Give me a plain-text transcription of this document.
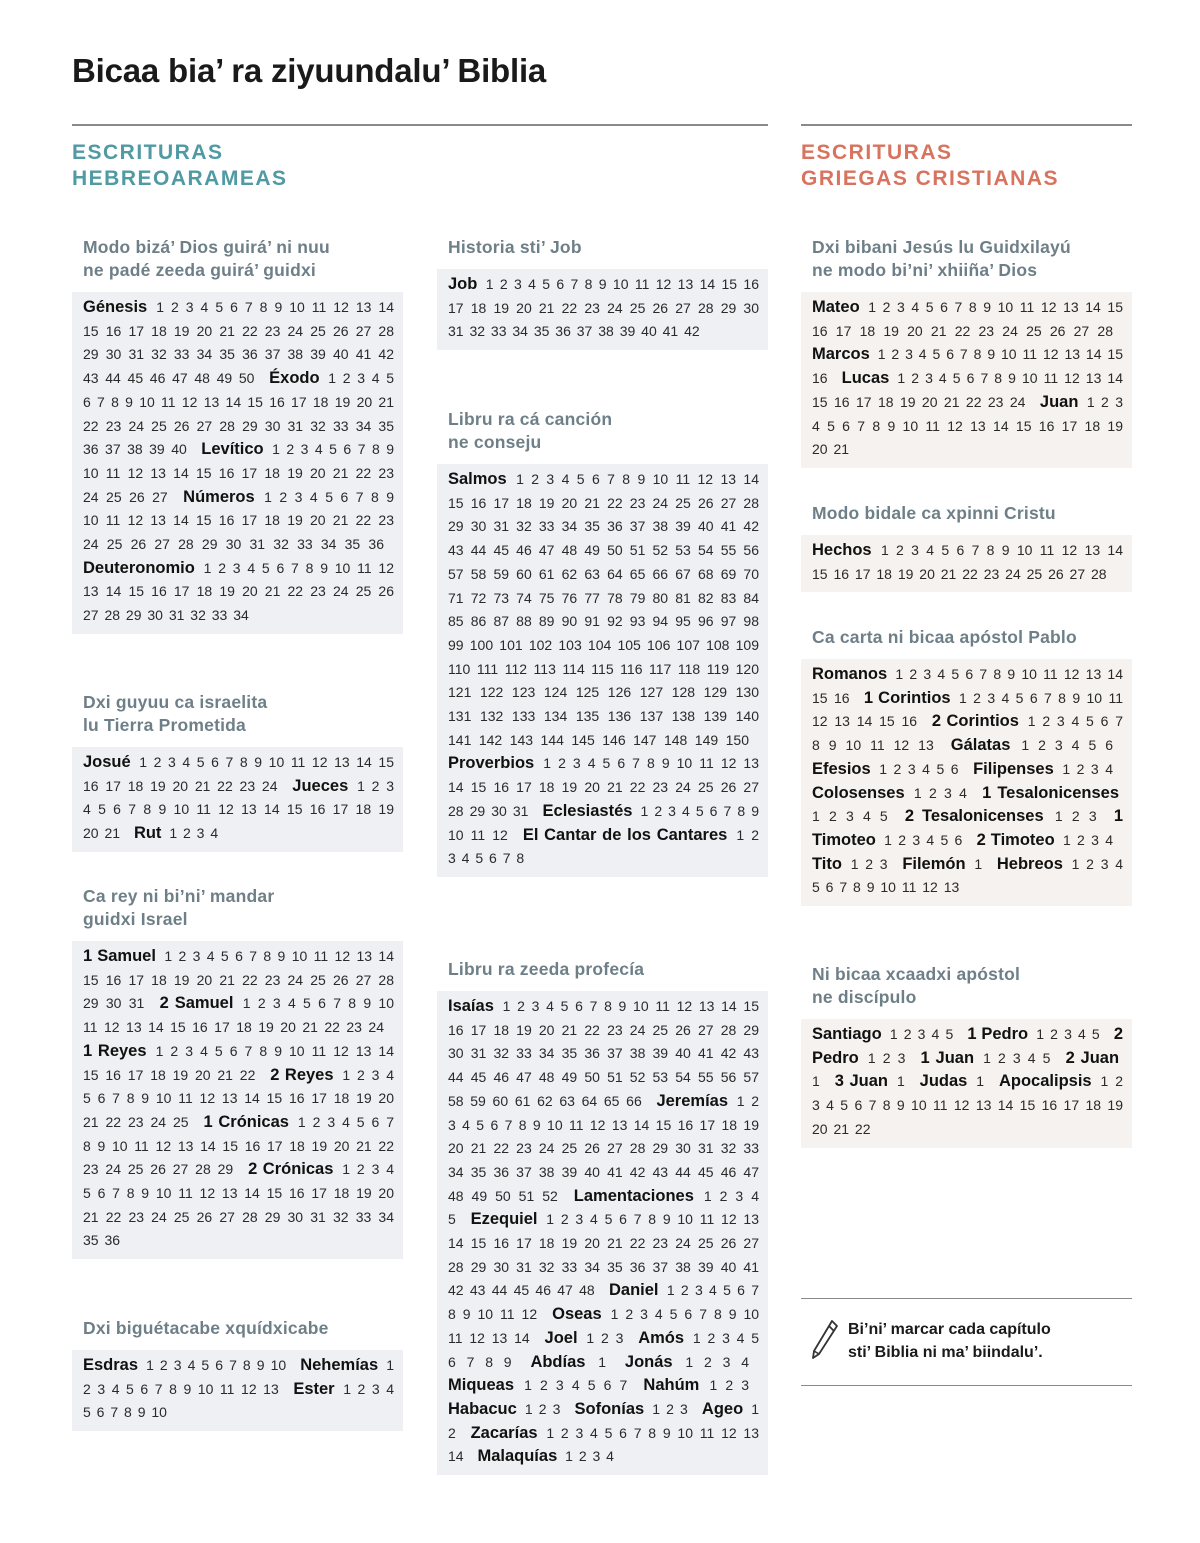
Bicaa bia’ ra ziyuundalu’ Biblia
ESCRITURAS
HEBREOARAMEAS
ESCRITURAS
GRIEGAS CRISTIANAS
Modo bizá’ Dios guirá’ ni nuu
ne padé zeeda guirá’ guidxi
Génesis 1 2 3 4 5 6 7 8 9 10 11 12 13 14 15 16 17 18 19 20 21 22 23 24 25 26 27 28 29 30 31 32 33 34 35 36 37 38 39 40 41 42 43 44 45 46 47 48 49 50 Éxodo 1 2 3 4 5 6 7 8 9 10 11 12 13 14 15 16 17 18 19 20 21 22 23 24 25 26 27 28 29 30 31 32 33 34 35 36 37 38 39 40 Levítico 1 2 3 4 5 6 7 8 9 10 11 12 13 14 15 16 17 18 19 20 21 22 23 24 25 26 27 Números 1 2 3 4 5 6 7 8 9 10 11 12 13 14 15 16 17 18 19 20 21 22 23 24 25 26 27 28 29 30 31 32 33 34 35 36 Deuteronomio 1 2 3 4 5 6 7 8 9 10 11 12 13 14 15 16 17 18 19 20 21 22 23 24 25 26 27 28 29 30 31 32 33 34
Dxi guyuu ca israelita
lu Tierra Prometida
Josué 1 2 3 4 5 6 7 8 9 10 11 12 13 14 15 16 17 18 19 20 21 22 23 24 Jueces 1 2 3 4 5 6 7 8 9 10 11 12 13 14 15 16 17 18 19 20 21 Rut 1 2 3 4
Ca rey ni bi’ni’ mandar
guidxi Israel
1 Samuel 1 2 3 4 5 6 7 8 9 10 11 12 13 14 15 16 17 18 19 20 21 22 23 24 25 26 27 28 29 30 31 2 Samuel 1 2 3 4 5 6 7 8 9 10 11 12 13 14 15 16 17 18 19 20 21 22 23 24 1 Reyes 1 2 3 4 5 6 7 8 9 10 11 12 13 14 15 16 17 18 19 20 21 22 2 Reyes 1 2 3 4 5 6 7 8 9 10 11 12 13 14 15 16 17 18 19 20 21 22 23 24 25 1 Crónicas 1 2 3 4 5 6 7 8 9 10 11 12 13 14 15 16 17 18 19 20 21 22 23 24 25 26 27 28 29 2 Crónicas 1 2 3 4 5 6 7 8 9 10 11 12 13 14 15 16 17 18 19 20 21 22 23 24 25 26 27 28 29 30 31 32 33 34 35 36
Dxi biguétacabe xquídxicabe
Esdras 1 2 3 4 5 6 7 8 9 10 Nehemías 1 2 3 4 5 6 7 8 9 10 11 12 13 Ester 1 2 3 4 5 6 7 8 9 10
Historia sti’ Job
Job 1 2 3 4 5 6 7 8 9 10 11 12 13 14 15 16 17 18 19 20 21 22 23 24 25 26 27 28 29 30 31 32 33 34 35 36 37 38 39 40 41 42
Libru ra cá canción
ne conseju
Salmos 1 2 3 4 5 6 7 8 9 10 11 12 13 14 15 16 17 18 19 20 21 22 23 24 25 26 27 28 29 30 31 32 33 34 35 36 37 38 39 40 41 42 43 44 45 46 47 48 49 50 51 52 53 54 55 56 57 58 59 60 61 62 63 64 65 66 67 68 69 70 71 72 73 74 75 76 77 78 79 80 81 82 83 84 85 86 87 88 89 90 91 92 93 94 95 96 97 98 99 100 101 102 103 104 105 106 107 108 109 110 111 112 113 114 115 116 117 118 119 120 121 122 123 124 125 126 127 128 129 130 131 132 133 134 135 136 137 138 139 140 141 142 143 144 145 146 147 148 149 150 Proverbios 1 2 3 4 5 6 7 8 9 10 11 12 13 14 15 16 17 18 19 20 21 22 23 24 25 26 27 28 29 30 31 Eclesiastés 1 2 3 4 5 6 7 8 9 10 11 12 El Cantar de los Cantares 1 2 3 4 5 6 7 8
Libru ra zeeda profecía
Isaías 1 2 3 4 5 6 7 8 9 10 11 12 13 14 15 16 17 18 19 20 21 22 23 24 25 26 27 28 29 30 31 32 33 34 35 36 37 38 39 40 41 42 43 44 45 46 47 48 49 50 51 52 53 54 55 56 57 58 59 60 61 62 63 64 65 66 Jeremías 1 2 3 4 5 6 7 8 9 10 11 12 13 14 15 16 17 18 19 20 21 22 23 24 25 26 27 28 29 30 31 32 33 34 35 36 37 38 39 40 41 42 43 44 45 46 47 48 49 50 51 52 Lamentaciones 1 2 3 4 5 Ezequiel 1 2 3 4 5 6 7 8 9 10 11 12 13 14 15 16 17 18 19 20 21 22 23 24 25 26 27 28 29 30 31 32 33 34 35 36 37 38 39 40 41 42 43 44 45 46 47 48 Daniel 1 2 3 4 5 6 7 8 9 10 11 12 Oseas 1 2 3 4 5 6 7 8 9 10 11 12 13 14 Joel 1 2 3 Amós 1 2 3 4 5 6 7 8 9 Abdías 1 Jonás 1 2 3 4 Miqueas 1 2 3 4 5 6 7 Nahúm 1 2 3 Habacuc 1 2 3 Sofonías 1 2 3 Ageo 1 2 Zacarías 1 2 3 4 5 6 7 8 9 10 11 12 13 14 Malaquías 1 2 3 4
Dxi bibani Jesús lu Guidxilayú
ne modo bi’ni’ xhiiña’ Dios
Mateo 1 2 3 4 5 6 7 8 9 10 11 12 13 14 15 16 17 18 19 20 21 22 23 24 25 26 27 28 Marcos 1 2 3 4 5 6 7 8 9 10 11 12 13 14 15 16 Lucas 1 2 3 4 5 6 7 8 9 10 11 12 13 14 15 16 17 18 19 20 21 22 23 24 Juan 1 2 3 4 5 6 7 8 9 10 11 12 13 14 15 16 17 18 19 20 21
Modo bidale ca xpinni Cristu
Hechos 1 2 3 4 5 6 7 8 9 10 11 12 13 14 15 16 17 18 19 20 21 22 23 24 25 26 27 28
Ca carta ni bicaa apóstol Pablo
Romanos 1 2 3 4 5 6 7 8 9 10 11 12 13 14 15 16 1 Corintios 1 2 3 4 5 6 7 8 9 10 11 12 13 14 15 16 2 Corintios 1 2 3 4 5 6 7 8 9 10 11 12 13 Gálatas 1 2 3 4 5 6 Efesios 1 2 3 4 5 6 Filipenses 1 2 3 4 Colosenses 1 2 3 4 1 Tesalonicenses 1 2 3 4 5 2 Tesalonicenses 1 2 3 1 Timoteo 1 2 3 4 5 6 2 Timoteo 1 2 3 4 Tito 1 2 3 Filemón 1 Hebreos 1 2 3 4 5 6 7 8 9 10 11 12 13
Ni bicaa xcaadxi apóstol
ne discípulo
Santiago 1 2 3 4 5 1 Pedro 1 2 3 4 5 2 Pedro 1 2 3 1 Juan 1 2 3 4 5 2 Juan 1 3 Juan 1 Judas 1 Apocalipsis 1 2 3 4 5 6 7 8 9 10 11 12 13 14 15 16 17 18 19 20 21 22
Bi’ni’ marcar cada capítulo
sti’ Biblia ni ma’ biindalu’.
